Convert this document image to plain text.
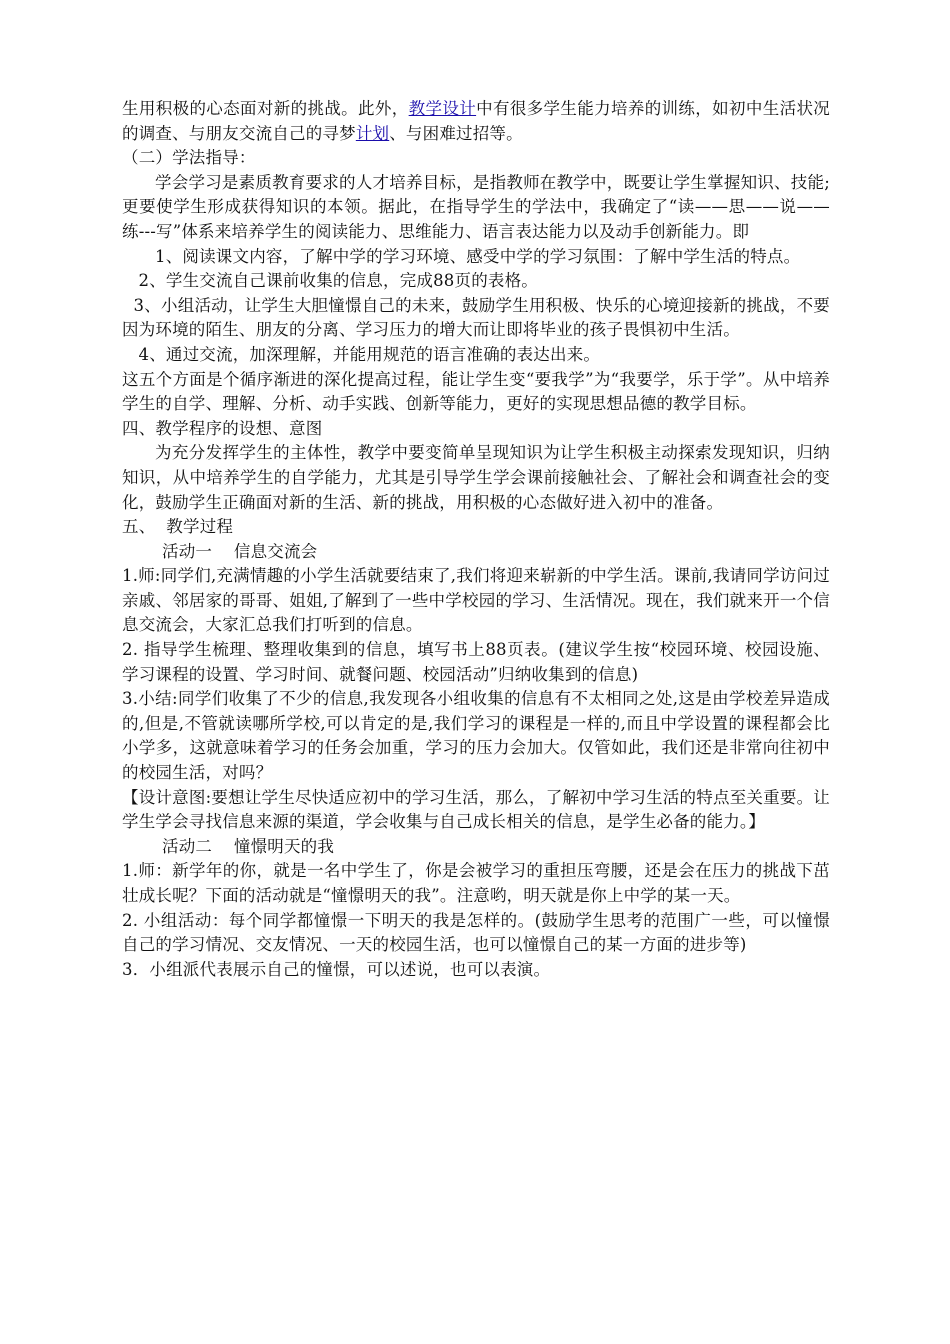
生用积极的心态面对新的挑战。此外，教学设计中有很多学生能力培养的训练，如初中生活状况的调查、与朋友交流自己的寻梦计划、与困难过招等。

（二）学法指导：

学会学习是素质教育要求的人才培养目标，是指教师在教学中，既要让学生掌握知识、技能;更要使学生形成获得知识的本领。据此，在指导学生的学法中，我确定了“读——思——说——练---写”体系来培养学生的阅读能力、思维能力、语言表达能力以及动手创新能力。即

1、阅读课文内容，了解中学的学习环境、感受中学的学习氛围：了解中学生活的特点。

2、学生交流自己课前收集的信息，完成88页的表格。

3、小组活动，让学生大胆憧憬自己的未来，鼓励学生用积极、快乐的心境迎接新的挑战，不要因为环境的陌生、朋友的分离、学习压力的增大而让即将毕业的孩子畏惧初中生活。

4、通过交流，加深理解，并能用规范的语言准确的表达出来。

这五个方面是个循序渐进的深化提高过程，能让学生变“要我学”为“我要学，乐于学”。从中培养学生的自学、理解、分析、动手实践、创新等能力，更好的实现思想品德的教学目标。

四、教学程序的设想、意图

为充分发挥学生的主体性，教学中要变简单呈现知识为让学生积极主动探索发现知识，归纳知识，从中培养学生的自学能力，尤其是引导学生学会课前接触社会、了解社会和调查社会的变化，鼓励学生正确面对新的生活、新的挑战，用积极的心态做好进入初中的准备。

五、  教学过程

活动一    信息交流会

1.师:同学们,充满情趣的小学生活就要结束了,我们将迎来崭新的中学生活。课前,我请同学访问过亲戚、邻居家的哥哥、姐姐,了解到了一些中学校园的学习、生活情况。现在，我们就来开一个信息交流会，大家汇总我们打听到的信息。

2. 指导学生梳理、整理收集到的信息，填写书上88页表。(建议学生按“校园环境、校园设施、学习课程的设置、学习时间、就餐问题、校园活动”归纳收集到的信息)

3.小结:同学们收集了不少的信息,我发现各小组收集的信息有不太相同之处,这是由学校差异造成的,但是,不管就读哪所学校,可以肯定的是,我们学习的课程是一样的,而且中学设置的课程都会比小学多，这就意味着学习的任务会加重，学习的压力会加大。仅管如此，我们还是非常向往初中的校园生活，对吗？

【设计意图:要想让学生尽快适应初中的学习生活，那么，了解初中学习生活的特点至关重要。让学生学会寻找信息来源的渠道，学会收集与自己成长相关的信息，是学生必备的能力。】

活动二    憧憬明天的我

1.师：新学年的你，就是一名中学生了，你是会被学习的重担压弯腰，还是会在压力的挑战下茁壮成长呢？下面的活动就是“憧憬明天的我”。注意哟，明天就是你上中学的某一天。

2. 小组活动：每个同学都憧憬一下明天的我是怎样的。(鼓励学生思考的范围广一些，可以憧憬自己的学习情况、交友情况、一天的校园生活，也可以憧憬自己的某一方面的进步等)

3．小组派代表展示自己的憧憬，可以述说，也可以表演。
